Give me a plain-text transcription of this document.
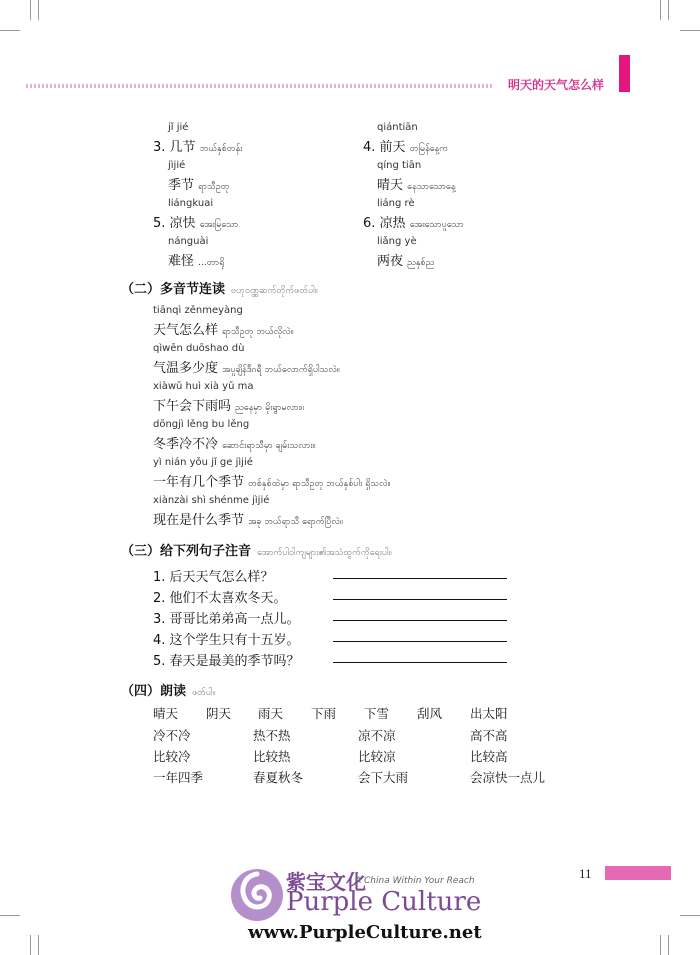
明天的天气怎么样
jǐ jié
3. 几节 ဘယ်နှစ်တန်း
qiántiān
4. 前天 တမြန်နေ့က
jìjié
季节 ရာသီဥတု
qíng tiān
晴天 နေသာသောနေ့
liángkuai
5. 凉快 အေးမြသော
liáng rè
6. 凉热 အေးသောပူသော
nánguài
难怪 ...တာရို
liǎng yè
两夜 ညနှစ်ည
（二）多音节连读 ဗဟုဝဏ္ဏဆက်တိုက်ဖတ်ပါ။
tiānqì zěnmeyàng
天气怎么样 ရာသီဥတု ဘယ်လိုလဲ။
qìwēn duōshao dù
气温多少度 အပူချိန်ဒီဂရီ ဘယ်လောက်ရှိပါသလဲ။
xiàwǔ huì xià yǔ ma
下午会下雨吗 ညနေမှာ မိုးရွာမလား။
dōngjì lěng bu lěng
冬季冷不冷 ဆောင်းရာသီမှာ ချမ်းသလား။
yì nián yǒu jǐ ge jìjié
一年有几个季节 တစ်နှစ်ထဲမှာ ရာသီဥတု ဘယ်နှစ်ပါး ရှိသလဲ။
xiànzài shì shénme jìjié
现在是什么季节 အခု ဘယ်ရာသီ ရောက်ပြီလဲ။
（三）给下列句子注音 အောက်ပါဝါကျများ၏အသံထွက်ကိုရေးပါ။
1. 后天天气怎么样？
2. 他们不太喜欢冬天。
3. 哥哥比弟弟高一点儿。
4. 这个学生只有十五岁。
5. 春天是最美的季节吗？
（四）朗读 ဖတ်ပါ။
晴天 阴天 雨天 下雨 下雪 刮风 出太阳
冷不冷	热不热	凉不凉	高不高
比较冷	比较热	比较凉	比较高
一年四季	春夏秋冬	会下大雨	会凉快一点儿
11
紫宝文化
A China Within Your Reach
Purple Culture
www.PurpleCulture.net
